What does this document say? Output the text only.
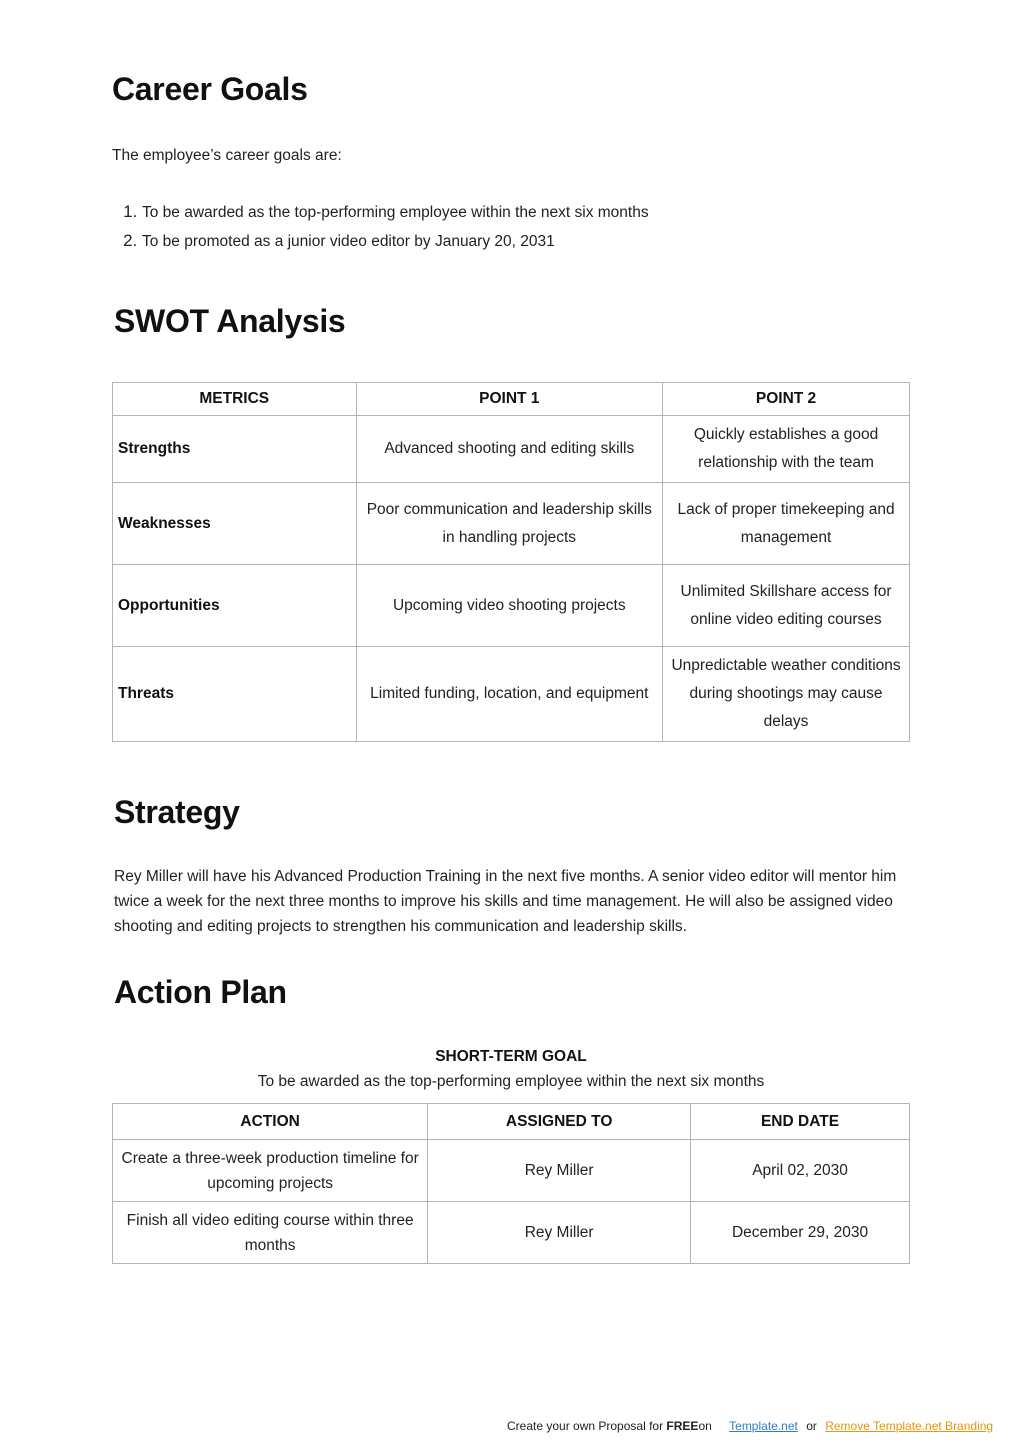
Career Goals
The employee’s career goals are:
1. To be awarded as the top-performing employee within the next six months
2. To be promoted as a junior video editor by January 20, 2031
SWOT Analysis
METRICS	POINT 1	POINT 2
Strengths	Advanced shooting and editing skills	Quickly establishes a good relationship with the team
Weaknesses	Poor communication and leadership skills in handling projects	Lack of proper timekeeping and management
Opportunities	Upcoming video shooting projects	Unlimited Skillshare access for online video editing courses
Threats	Limited funding, location, and equipment	Unpredictable weather conditions during shootings may cause delays
Strategy
Rey Miller will have his Advanced Production Training in the next five months. A senior video editor will mentor him twice a week for the next three months to improve his skills and time management. He will also be assigned video shooting and editing projects to strengthen his communication and leadership skills.
Action Plan
SHORT-TERM GOAL
To be awarded as the top-performing employee within the next six months
ACTION	ASSIGNED TO	END DATE
Create a three-week production timeline for upcoming projects	Rey Miller	April 02, 2030
Finish all video editing course within three months	Rey Miller	December 29, 2030
Create your own Proposal for FREEon Template.net or Remove Template.net Branding
